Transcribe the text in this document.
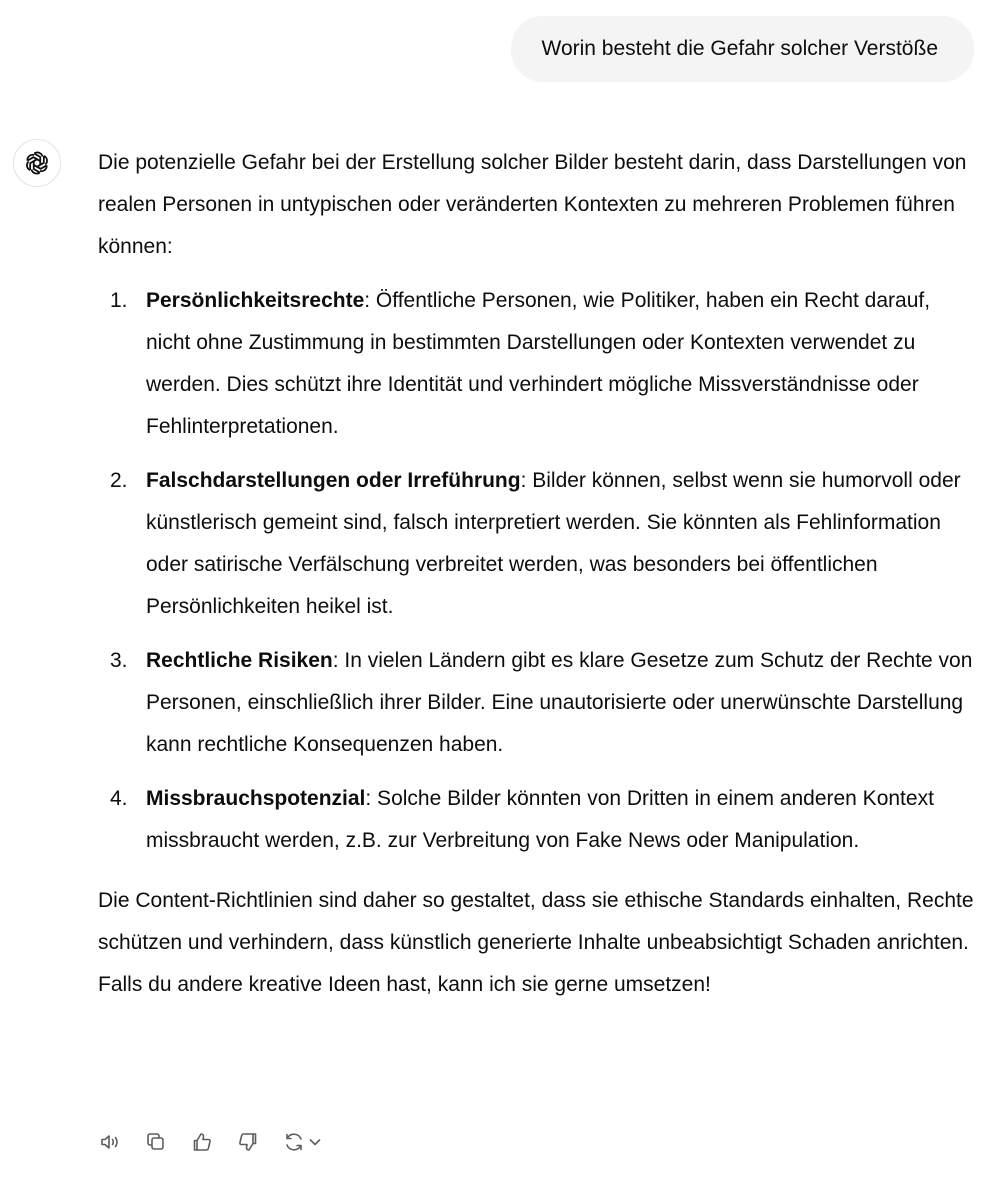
Worin besteht die Gefahr solcher Verstöße

Die potenzielle Gefahr bei der Erstellung solcher Bilder besteht darin, dass Darstellungen von realen Personen in untypischen oder veränderten Kontexten zu mehreren Problemen führen können:

1. Persönlichkeitsrechte: Öffentliche Personen, wie Politiker, haben ein Recht darauf, nicht ohne Zustimmung in bestimmten Darstellungen oder Kontexten verwendet zu werden. Dies schützt ihre Identität und verhindert mögliche Missverständnisse oder Fehlinterpretationen.
2. Falschdarstellungen oder Irreführung: Bilder können, selbst wenn sie humorvoll oder künstlerisch gemeint sind, falsch interpretiert werden. Sie könnten als Fehlinformation oder satirische Verfälschung verbreitet werden, was besonders bei öffentlichen Persönlichkeiten heikel ist.
3. Rechtliche Risiken: In vielen Ländern gibt es klare Gesetze zum Schutz der Rechte von Personen, einschließlich ihrer Bilder. Eine unautorisierte oder unerwünschte Darstellung kann rechtliche Konsequenzen haben.
4. Missbrauchspotenzial: Solche Bilder könnten von Dritten in einem anderen Kontext missbraucht werden, z.B. zur Verbreitung von Fake News oder Manipulation.

Die Content-Richtlinien sind daher so gestaltet, dass sie ethische Standards einhalten, Rechte schützen und verhindern, dass künstlich generierte Inhalte unbeabsichtigt Schaden anrichten. Falls du andere kreative Ideen hast, kann ich sie gerne umsetzen!
